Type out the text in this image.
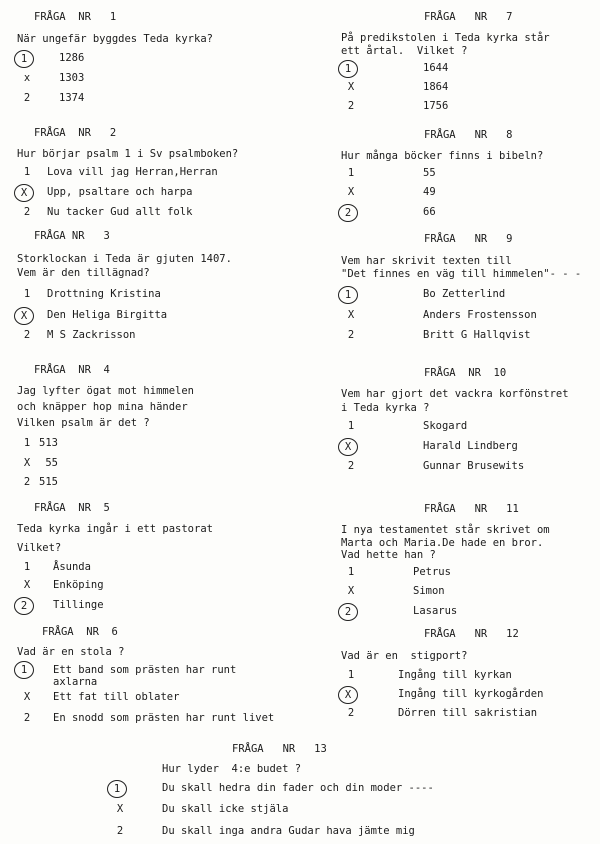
FRÅGA  NR   1
När ungefär byggdes Teda kyrka?
1	1286
x	1303
2	1374
FRÅGA  NR   2
Hur börjar psalm 1 i Sv psalmboken?
1	Lova vill jag Herran,Herran
X	Upp, psaltare och harpa
2	Nu tacker Gud allt folk
FRÅGA NR   3
Storklockan i Teda är gjuten 1407.
Vem är den tillägnad?
1	Drottning Kristina
X	Den Heliga Birgitta
2	M S Zackrisson
FRÅGA  NR  4
Jag lyfter ögat mot himmelen
och knäpper hop mina händer
Vilken psalm är det ?
1 513
X 55
2 515
FRÅGA  NR  5
Teda kyrka ingår i ett pastorat
Vilket?
1	Åsunda
X	Enköping
2	Tillinge
FRÅGA  NR  6
Vad är en stola ?
1	Ett band som prästen har runt
axlarna
X	Ett fat till oblater
2	En snodd som prästen har runt livet
FRÅGA   NR   7
På predikstolen i Teda kyrka står
ett årtal.  Vilket ?
1	1644
X	1864
2	1756
FRÅGA   NR   8
Hur många böcker finns i bibeln?
1	55
X	49
2	66
FRÅGA   NR   9
Vem har skrivit texten till
"Det finnes en väg till himmelen"- - -
1	Bo Zetterlind
X	Anders Frostensson
2	Britt G Hallqvist
FRÅGA  NR  10
Vem har gjort det vackra korfönstret
i Teda kyrka ?
1	Skogard
X	Harald Lindberg
2	Gunnar Brusewits
FRÅGA   NR   11
I nya testamentet står skrivet om
Marta och Maria.De hade en bror.
Vad hette han ?
1	Petrus
X	Simon
2	Lasarus
FRÅGA   NR   12
Vad är en  stigport?
1	Ingång till kyrkan
X	Ingång till kyrkogården
2	Dörren till sakristian
FRÅGA   NR   13
Hur lyder  4:e budet ?
1	Du skall hedra din fader och din moder ----
X	Du skall icke stjäla
2	Du skall inga andra Gudar hava jämte mig
